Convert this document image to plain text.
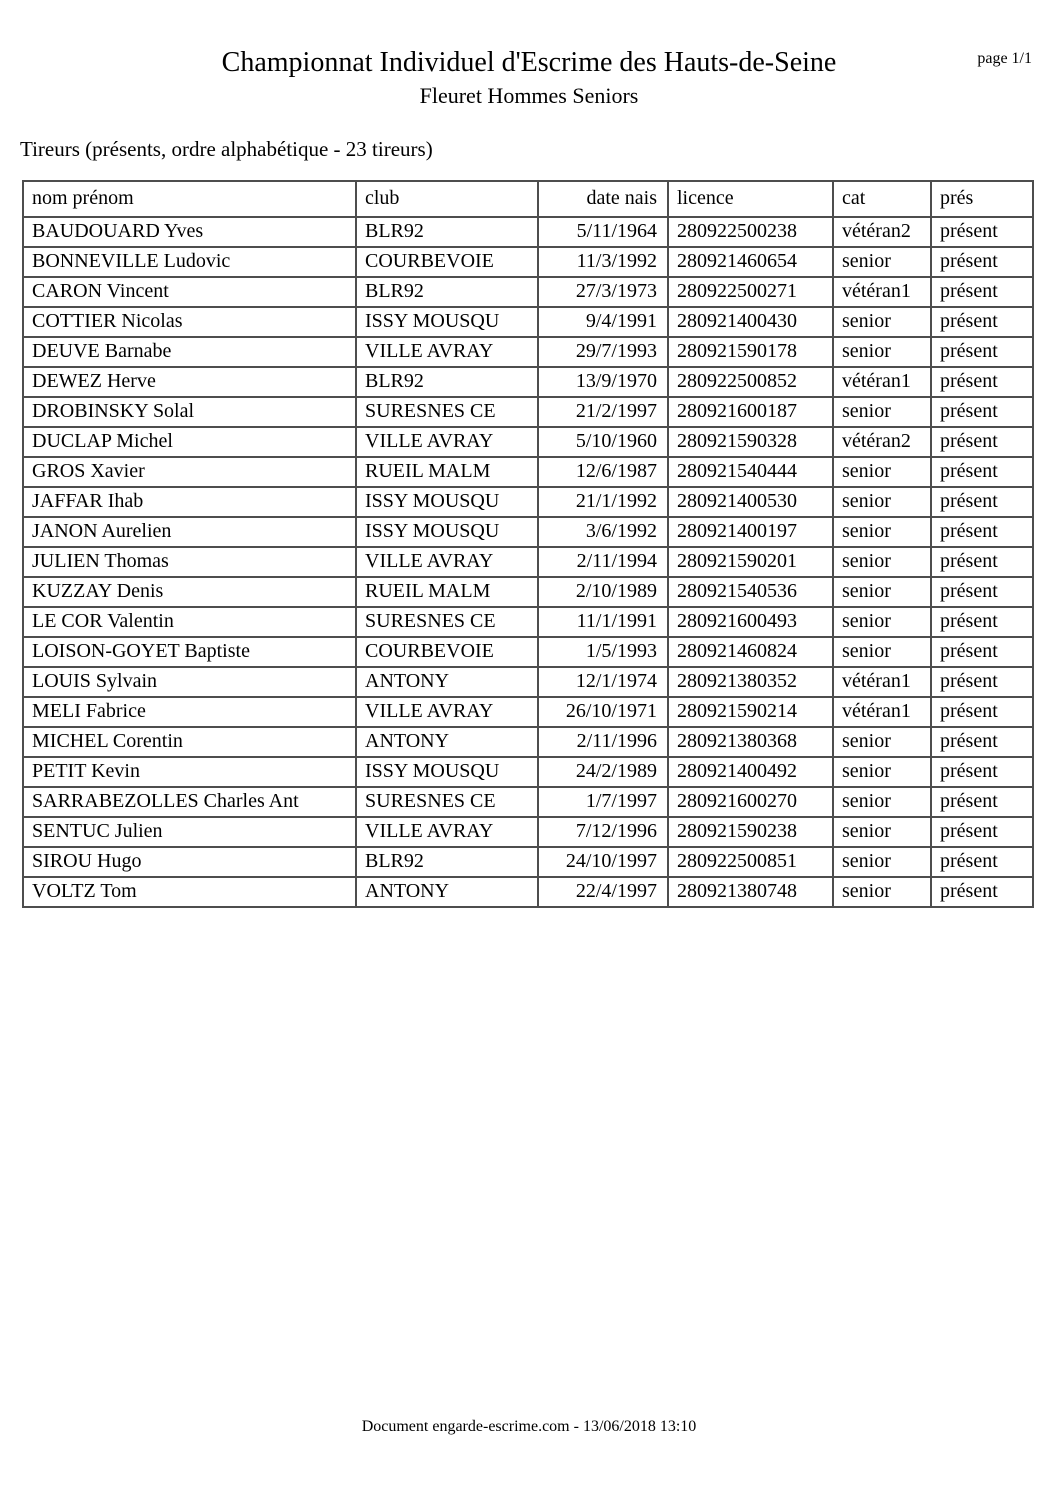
page 1/1
Championnat Individuel d'Escrime des Hauts-de-Seine
Fleuret Hommes Seniors
Tireurs (présents, ordre alphabétique - 23 tireurs)
nom prénom	club	date nais	licence	cat	prés
BAUDOUARD Yves	BLR92	5/11/1964	280922500238	vétéran2	présent
BONNEVILLE Ludovic	COURBEVOIE	11/3/1992	280921460654	senior	présent
CARON Vincent	BLR92	27/3/1973	280922500271	vétéran1	présent
COTTIER Nicolas	ISSY MOUSQU	9/4/1991	280921400430	senior	présent
DEUVE Barnabe	VILLE AVRAY	29/7/1993	280921590178	senior	présent
DEWEZ Herve	BLR92	13/9/1970	280922500852	vétéran1	présent
DROBINSKY Solal	SURESNES CE	21/2/1997	280921600187	senior	présent
DUCLAP Michel	VILLE AVRAY	5/10/1960	280921590328	vétéran2	présent
GROS Xavier	RUEIL MALM	12/6/1987	280921540444	senior	présent
JAFFAR Ihab	ISSY MOUSQU	21/1/1992	280921400530	senior	présent
JANON Aurelien	ISSY MOUSQU	3/6/1992	280921400197	senior	présent
JULIEN Thomas	VILLE AVRAY	2/11/1994	280921590201	senior	présent
KUZZAY Denis	RUEIL MALM	2/10/1989	280921540536	senior	présent
LE COR Valentin	SURESNES CE	11/1/1991	280921600493	senior	présent
LOISON-GOYET Baptiste	COURBEVOIE	1/5/1993	280921460824	senior	présent
LOUIS Sylvain	ANTONY	12/1/1974	280921380352	vétéran1	présent
MELI Fabrice	VILLE AVRAY	26/10/1971	280921590214	vétéran1	présent
MICHEL Corentin	ANTONY	2/11/1996	280921380368	senior	présent
PETIT Kevin	ISSY MOUSQU	24/2/1989	280921400492	senior	présent
SARRABEZOLLES Charles Ant	SURESNES CE	1/7/1997	280921600270	senior	présent
SENTUC Julien	VILLE AVRAY	7/12/1996	280921590238	senior	présent
SIROU Hugo	BLR92	24/10/1997	280922500851	senior	présent
VOLTZ Tom	ANTONY	22/4/1997	280921380748	senior	présent
Document engarde-escrime.com - 13/06/2018 13:10
